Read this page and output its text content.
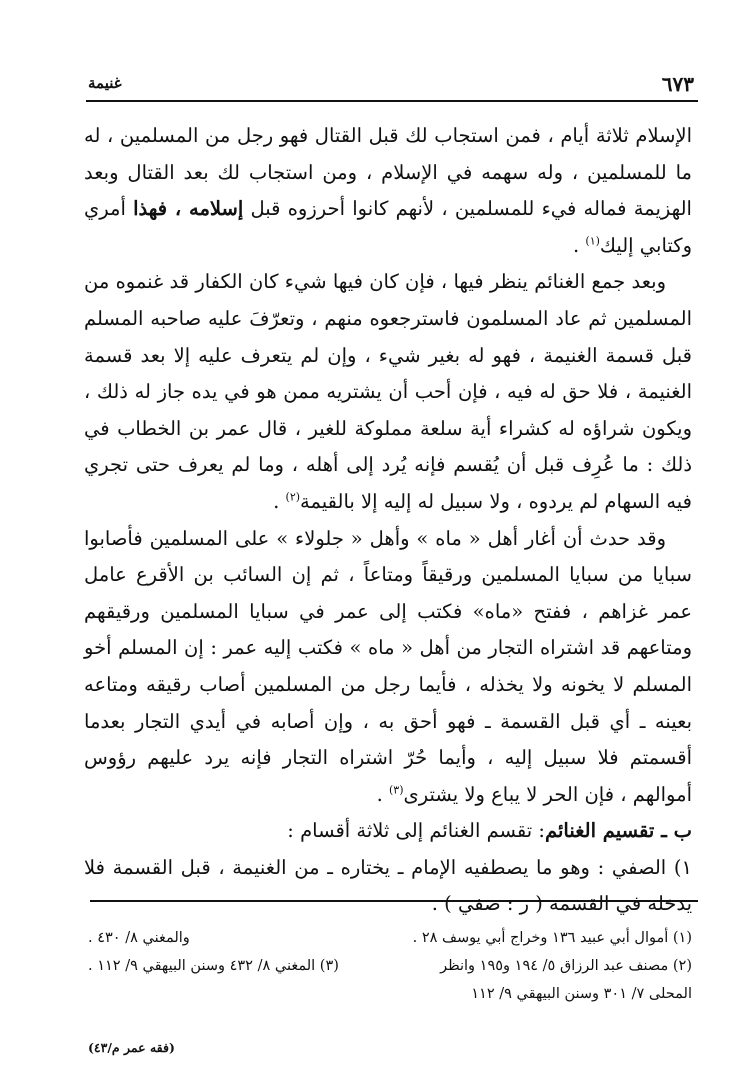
٦٧٣
غنيمة

الإسلام ثلاثة أيام ، فمن استجاب لك قبل القتال فهو رجل من المسلمين ، له ما للمسلمين ، وله سهمه في الإسلام ، ومن استجاب لك بعد القتال وبعد الهزيمة فماله فيء للمسلمين ، لأنهم كانوا أحرزوه قبل إسلامه ، فهذا أمري وكتابي إليك$^{(١)}$ .

وبعد جمع الغنائم ينظر فيها ، فإن كان فيها شيء كان الكفار قد غنموه من المسلمين ثم عاد المسلمون فاسترجعوه منهم ، وتعرّفَ عليه صاحبه المسلم قبل قسمة الغنيمة ، فهو له بغير شيء ، وإن لم يتعرف عليه إلا بعد قسمة الغنيمة ، فلا حق له فيه ، فإن أحب أن يشتريه ممن هو في يده جاز له ذلك ، ويكون شراؤه له كشراء أية سلعة مملوكة للغير ، قال عمر بن الخطاب في ذلك : ما عُرِف قبل أن يُقسم فإنه يُرد إلى أهله ، وما لم يعرف حتى تجري فيه السهام لم يردوه ، ولا سبيل له إليه إلا بالقيمة$^{(٢)}$ .

وقد حدث أن أغار أهل « ماه » وأهل « جلولاء » على المسلمين فأصابوا سبايا من سبايا المسلمين ورقيقاً ومتاعاً ، ثم إن السائب بن الأقرع عامل عمر غزاهم ، ففتح «ماه» فكتب إلى عمر في سبايا المسلمين ورقيقهم ومتاعهم قد اشتراه التجار من أهل « ماه » فكتب إليه عمر : إن المسلم أخو المسلم لا يخونه ولا يخذله ، فأيما رجل من المسلمين أصاب رقيقه ومتاعه بعينه ـ أي قبل القسمة ـ فهو أحق به ، وإن أصابه في أيدي التجار بعدما أقسمتم فلا سبيل إليه ، وأيما حُرّ اشتراه التجار فإنه يرد عليهم رؤوس أموالهم ، فإن الحر لا يباع ولا يشترى$^{(٣)}$ .

ب ـ تقسيم الغنائم: تقسم الغنائم إلى ثلاثة أقسام :

١) الصفي : وهو ما يصطفيه الإمام ـ يختاره ـ من الغنيمة ، قبل القسمة فلا يدخله في القسمة ( ر : صفي ) .

(١) أموال أبي عبيد ١٣٦ وخراج أبي يوسف ٢٨ .
والمغني ٨/ ٤٣٠ .
(٢) مصنف عبد الرزاق ٥/ ١٩٤ و١٩٥ وانظر
(٣) المغني ٨/ ٤٣٢ وسنن البيهقي ٩/ ١١٢ .
المحلى ٧/ ٣٠١ وسنن البيهقي ٩/ ١١٢
(فقه عمر م/٤٣)
